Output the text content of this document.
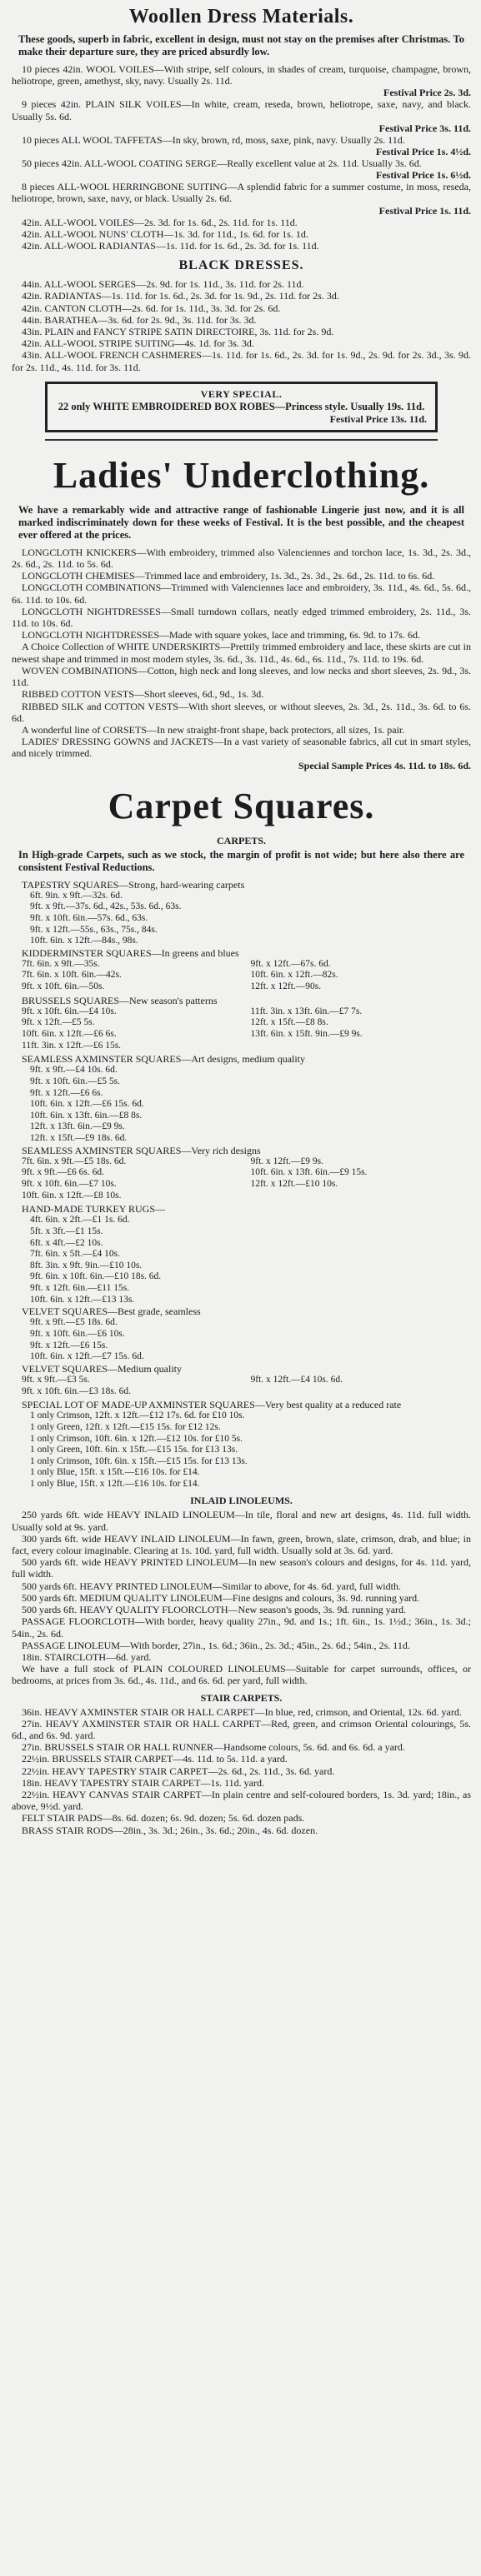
Woollen Dress Materials.
These goods, superb in fabric, excellent in design, must not stay on the premises after Christmas. To make their departure sure, they are priced absurdly low.

10 pieces 42in. WOOL VOILES—With stripe, self colours, in shades of cream, turquoise, champagne, brown, heliotrope, green, amethyst, sky, navy. Usually 2s. 11d.

Festival Price 2s. 3d.

9 pieces 42in. PLAIN SILK VOILES—In white, cream, reseda, brown, heliotrope, saxe, navy, and black. Usually 5s. 6d.

Festival Price 3s. 11d.

10 pieces ALL WOOL TAFFETAS—In sky, brown, rd, moss, saxe, pink, navy. Usually 2s. 11d.

Festival Price 1s. 4½d.

50 pieces 42in. ALL-WOOL COATING SERGE—Really excellent value at 2s. 11d. Usually 3s. 6d.

Festival Price 1s. 6½d.

8 pieces ALL-WOOL HERRINGBONE SUITING—A splendid fabric for a summer costume, in moss, reseda, heliotrope, brown, saxe, navy, or black. Usually 2s. 6d.

Festival Price 1s. 11d.

42in. ALL-WOOL VOILES—2s. 3d. for 1s. 6d., 2s. 11d. for 1s. 11d.

42in. ALL-WOOL NUNS' CLOTH—1s. 3d. for 11d., 1s. 6d. for 1s. 1d.

42in. ALL-WOOL RADIANTAS—1s. 11d. for 1s. 6d., 2s. 3d. for 1s. 11d.

BLACK DRESSES.

44in. ALL-WOOL SERGES—2s. 9d. for 1s. 11d., 3s. 11d. for 2s. 11d.

42in. RADIANTAS—1s. 11d. for 1s. 6d., 2s. 3d. for 1s. 9d., 2s. 11d. for 2s. 3d.

42in. CANTON CLOTH—2s. 6d. for 1s. 11d., 3s. 3d. for 2s. 6d.

44in. BARATHEA—3s. 6d. for 2s. 9d., 3s. 11d. for 3s. 3d.

43in. PLAIN and FANCY STRIPE SATIN DIRECTOIRE, 3s. 11d. for 2s. 9d.

42in. ALL-WOOL STRIPE SUITING—4s. 1d. for 3s. 3d.

43in. ALL-WOOL FRENCH CASHMERES—1s. 11d. for 1s. 6d., 2s. 3d. for 1s. 9d., 2s. 9d. for 2s. 3d., 3s. 9d. for 2s. 11d., 4s. 11d. for 3s. 11d.

VERY SPECIAL.
22 only WHITE EMBROIDERED BOX ROBES—Princess style. Usually 19s. 11d.
Festival Price 13s. 11d.
Ladies' Underclothing.
We have a remarkably wide and attractive range of fashionable Lingerie just now, and it is all marked indiscriminately down for these weeks of Festival. It is the best possible, and the cheapest ever offered at the prices.

LONGCLOTH KNICKERS—With embroidery, trimmed also Valenciennes and torchon lace, 1s. 3d., 2s. 3d., 2s. 6d., 2s. 11d. to 5s. 6d.

LONGCLOTH CHEMISES—Trimmed lace and embroidery, 1s. 3d., 2s. 3d., 2s. 6d., 2s. 11d. to 6s. 6d.

LONGCLOTH COMBINATIONS—Trimmed with Valenciennes lace and embroidery, 3s. 11d., 4s. 6d., 5s. 6d., 6s. 11d. to 10s. 6d.

LONGCLOTH NIGHTDRESSES—Small turndown collars, neatly edged trimmed embroidery, 2s. 11d., 3s. 11d. to 10s. 6d.

LONGCLOTH NIGHTDRESSES—Made with square yokes, lace and trimming, 6s. 9d. to 17s. 6d.

A Choice Collection of WHITE UNDERSKIRTS—Prettily trimmed embroidery and lace, these skirts are cut in newest shape and trimmed in most modern styles, 3s. 6d., 3s. 11d., 4s. 6d., 6s. 11d., 7s. 11d. to 19s. 6d.

WOVEN COMBINATIONS—Cotton, high neck and long sleeves, and low necks and short sleeves, 2s. 9d., 3s. 11d.

RIBBED COTTON VESTS—Short sleeves, 6d., 9d., 1s. 3d.

RIBBED SILK and COTTON VESTS—With short sleeves, or without sleeves, 2s. 3d., 2s. 11d., 3s. 6d. to 6s. 6d.

A wonderful line of CORSETS—In new straight-front shape, back protectors, all sizes, 1s. pair.

LADIES' DRESSING GOWNS and JACKETS—In a vast variety of seasonable fabrics, all cut in smart styles, and nicely trimmed.

Special Sample Prices 4s. 11d. to 18s. 6d.
Carpet Squares.
CARPETS.
In High-grade Carpets, such as we stock, the margin of profit is not wide; but here also there are consistent Festival Reductions.

TAPESTRY SQUARES—Strong, hard-wearing carpets

6ft. 9in. x 9ft.—32s. 6d.
9ft. x 9ft.—37s. 6d., 42s., 53s. 6d., 63s.
9ft. x 10ft. 6in.—57s. 6d., 63s.
9ft. x 12ft.—55s., 63s., 75s., 84s.
10ft. 6in. x 12ft.—84s., 98s.

KIDDERMINSTER SQUARES—In greens and blues

7ft. 6in. x 9ft.—35s.
7ft. 6in. x 10ft. 6in.—42s.
9ft. x 10ft. 6in.—50s.
9ft. x 12ft.—67s. 6d.
10ft. 6in. x 12ft.—82s.
12ft. x 12ft.—90s.

BRUSSELS SQUARES—New season's patterns

9ft. x 10ft. 6in.—£4 10s.
9ft. x 12ft.—£5 5s.
10ft. 6in. x 12ft.—£6 6s.
11ft. 3in. x 12ft.—£6 15s.
11ft. 3in. x 13ft. 6in.—£7 7s.
12ft. x 15ft.—£8 8s.
13ft. 6in. x 15ft. 9in.—£9 9s.

SEAMLESS AXMINSTER SQUARES—Art designs, medium quality

9ft. x 9ft.—£4 10s. 6d.
9ft. x 10ft. 6in.—£5 5s.
9ft. x 12ft.—£6 6s.
10ft. 6in. x 12ft.—£6 15s. 6d.
10ft. 6in. x 13ft. 6in.—£8 8s.
12ft. x 13ft. 6in.—£9 9s.
12ft. x 15ft.—£9 18s. 6d.

SEAMLESS AXMINSTER SQUARES—Very rich designs

7ft. 6in. x 9ft.—£5 18s. 6d.
9ft. x 9ft.—£6 6s. 6d.
9ft. x 10ft. 6in.—£7 10s.
10ft. 6in. x 12ft.—£8 10s.
9ft. x 12ft.—£9 9s.
10ft. 6in. x 13ft. 6in.—£9 15s.
12ft. x 12ft.—£10 10s.

HAND-MADE TURKEY RUGS—

4ft. 6in. x 2ft.—£1 1s. 6d.
5ft. x 3ft.—£1 15s.
6ft. x 4ft.—£2 10s.
7ft. 6in. x 5ft.—£4 10s.
8ft. 3in. x 9ft. 9in.—£10 10s.
9ft. 6in. x 10ft. 6in.—£10 18s. 6d.
9ft. x 12ft. 6in.—£11 15s.
10ft. 6in. x 12ft.—£13 13s.

VELVET SQUARES—Best grade, seamless

9ft. x 9ft.—£5 18s. 6d.
9ft. x 10ft. 6in.—£6 10s.
9ft. x 12ft.—£6 15s.
10ft. 6in. x 12ft.—£7 15s. 6d.

VELVET SQUARES—Medium quality

9ft. x 9ft.—£3 5s.
9ft. x 10ft. 6in.—£3 18s. 6d.
9ft. x 12ft.—£4 10s. 6d.

SPECIAL LOT OF MADE-UP AXMINSTER SQUARES—Very best quality at a reduced rate

1 only Crimson, 12ft. x 12ft.—£12 17s. 6d. for £10 10s.
1 only Green, 12ft. x 12ft.—£15 15s. for £12 12s.
1 only Crimson, 10ft. 6in. x 12ft.—£12 10s. for £10 5s.
1 only Green, 10ft. 6in. x 15ft.—£15 15s. for £13 13s.
1 only Crimson, 10ft. 6in. x 15ft.—£15 15s. for £13 13s.
1 only Blue, 15ft. x 15ft.—£16 10s. for £14.
1 only Blue, 15ft. x 12ft.—£16 10s. for £14.
INLAID LINOLEUMS.

250 yards 6ft. wide HEAVY INLAID LINOLEUM—In tile, floral and new art designs, 4s. 11d. full width. Usually sold at 9s. yard.

300 yards 6ft. wide HEAVY INLAID LINOLEUM—In fawn, green, brown, slate, crimson, drab, and blue; in fact, every colour imaginable. Clearing at 1s. 10d. yard, full width. Usually sold at 3s. 6d. yard.

500 yards 6ft. wide HEAVY PRINTED LINOLEUM—In new season's colours and designs, for 4s. 11d. yard, full width.

500 yards 6ft. HEAVY PRINTED LINOLEUM—Similar to above, for 4s. 6d. yard, full width.

500 yards 6ft. MEDIUM QUALITY LINOLEUM—Fine designs and colours, 3s. 9d. running yard.

500 yards 6ft. HEAVY QUALITY FLOORCLOTH—New season's goods, 3s. 9d. running yard.

PASSAGE FLOORCLOTH—With border, heavy quality 27in., 9d. and 1s.; 1ft. 6in., 1s. 1½d.; 36in., 1s. 3d.; 54in., 2s. 6d.

PASSAGE LINOLEUM—With border, 27in., 1s. 6d.; 36in., 2s. 3d.; 45in., 2s. 6d.; 54in., 2s. 11d.

18in. STAIRCLOTH—6d. yard.

We have a full stock of PLAIN COLOURED LINOLEUMS—Suitable for carpet surrounds, offices, or bedrooms, at prices from 3s. 6d., 4s. 11d., and 6s. 6d. per yard, full width.

STAIR CARPETS.

36in. HEAVY AXMINSTER STAIR OR HALL CARPET—In blue, red, crimson, and Oriental, 12s. 6d. yard.

27in. HEAVY AXMINSTER STAIR OR HALL CARPET—Red, green, and crimson Oriental colourings, 5s. 6d., and 6s. 9d. yard.

27in. BRUSSELS STAIR OR HALL RUNNER—Handsome colours, 5s. 6d. and 6s. 6d. a yard.

22½in. BRUSSELS STAIR CARPET—4s. 11d. to 5s. 11d. a yard.

22½in. HEAVY TAPESTRY STAIR CARPET—2s. 6d., 2s. 11d., 3s. 6d. yard.

18in. HEAVY TAPESTRY STAIR CARPET—1s. 11d. yard.

22½in. HEAVY CANVAS STAIR CARPET—In plain centre and self-coloured borders, 1s. 3d. yard; 18in., as above, 9½d. yard.

FELT STAIR PADS—8s. 6d. dozen; 6s. 9d. dozen; 5s. 6d. dozen pads.

BRASS STAIR RODS—28in., 3s. 3d.; 26in., 3s. 6d.; 20in., 4s. 6d. dozen.
